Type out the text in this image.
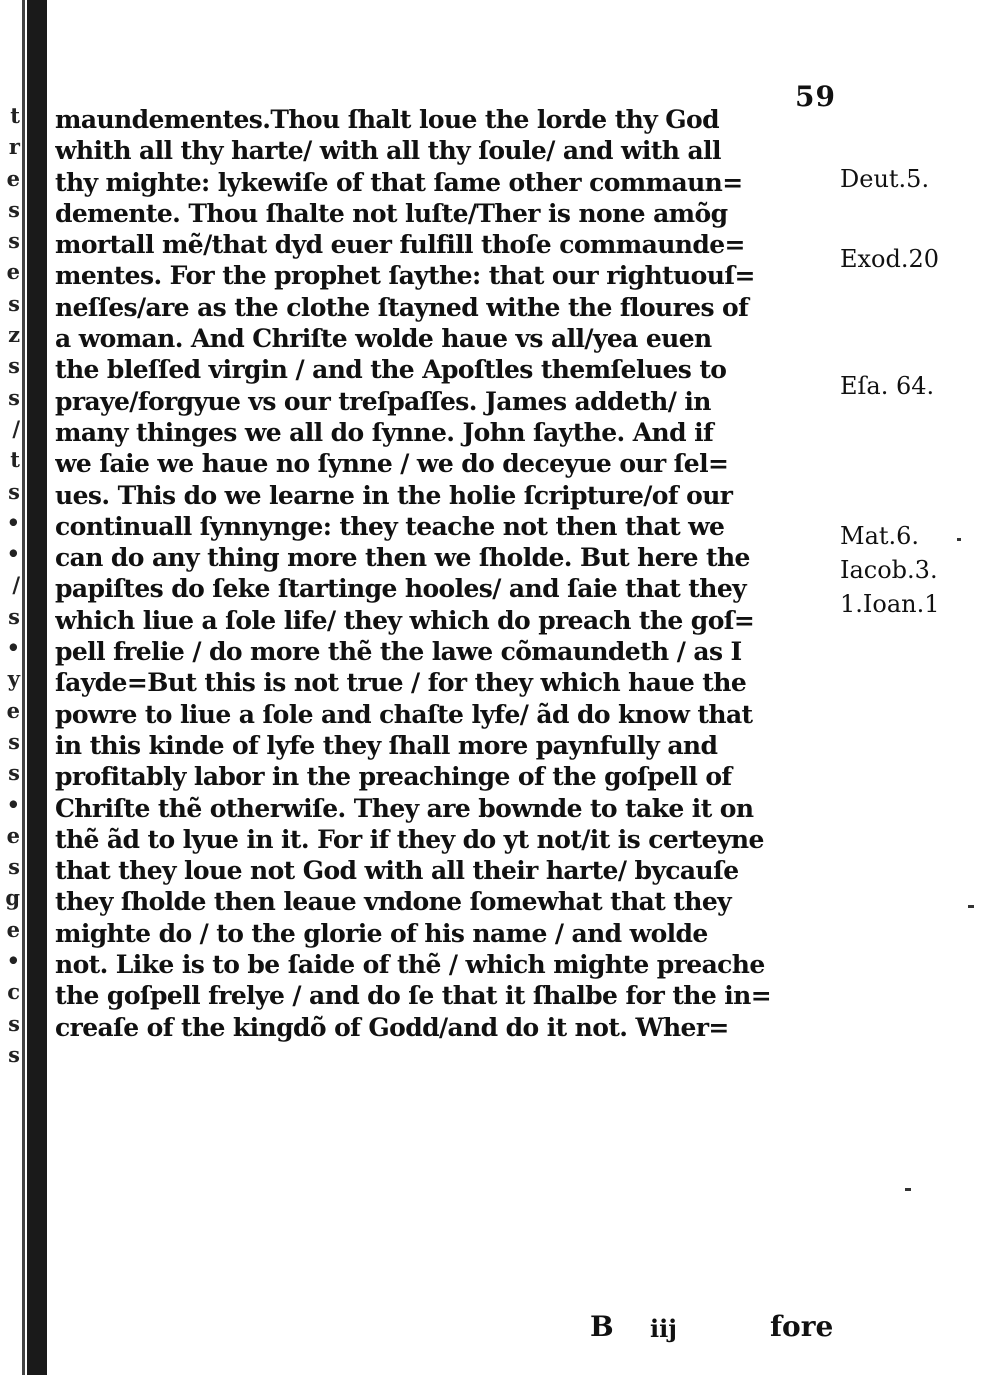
t
r
e
s
s
e
s
z
s
s
/
t
s
•
•
/
s
•
y
e
s
s
•
e
s
g
e
•
c
s
s
59
maundementes.Thou ſhalt loue the lorde thy God
whith all thy harte/ with all thy ſoule/ and with all
thy mighte: lykewiſe of that ſame other commaun=
demente. Thou ſhalte not luſte/Ther is none amõg
mortall mẽ/that dyd euer fulfill thoſe commaunde=
mentes. For the prophet ſaythe: that our rightuouſ=
neſſes/are as the clothe ſtayned withe the floures of
a woman. And Chriſte wolde haue vs all/yea euen
the bleſſed virgin / and the Apoſtles themſelues to
praye/forgyue vs our treſpaſſes. James addeth/ in
many thinges we all do ſynne. John ſaythe. And if
we ſaie we haue no ſynne / we do deceyue our ſel=
ues. This do we learne in the holie ſcripture/of our
continuall ſynnynge: they teache not then that we
can do any thing more then we ſholde. But here the
papiſtes do ſeke ſtartinge hooles/ and ſaie that they
which liue a ſole life/ they which do preach the goſ=
pell frelie / do more thẽ the lawe cõmaundeth / as I
ſayde=But this is not true / for they which haue the
powre to liue a ſole and chaſte lyfe/ ãd do know that
in this kinde of lyfe they ſhall more paynfully and
profitably labor in the preachinge of the goſpell of
Chriſte thẽ otherwiſe. They are bownde to take it on
thẽ ãd to lyue in it. For if they do yt not/it is certeyne
that they loue not God with all their harte/ bycauſe
they ſholde then leaue vndone ſomewhat that they
mighte do / to the glorie of his name / and wolde
not. Like is to be ſaide of thẽ / which mighte preache
the goſpell frelye / and do ſe that it ſhalbe for the in=
creaſe of the kingdõ of Godd/and do it not. Wher=
Deut.5.
Exod.20
Eſa. 64.
Mat.6.
Iacob.3.
1.Ioan.1
B iij	fore
